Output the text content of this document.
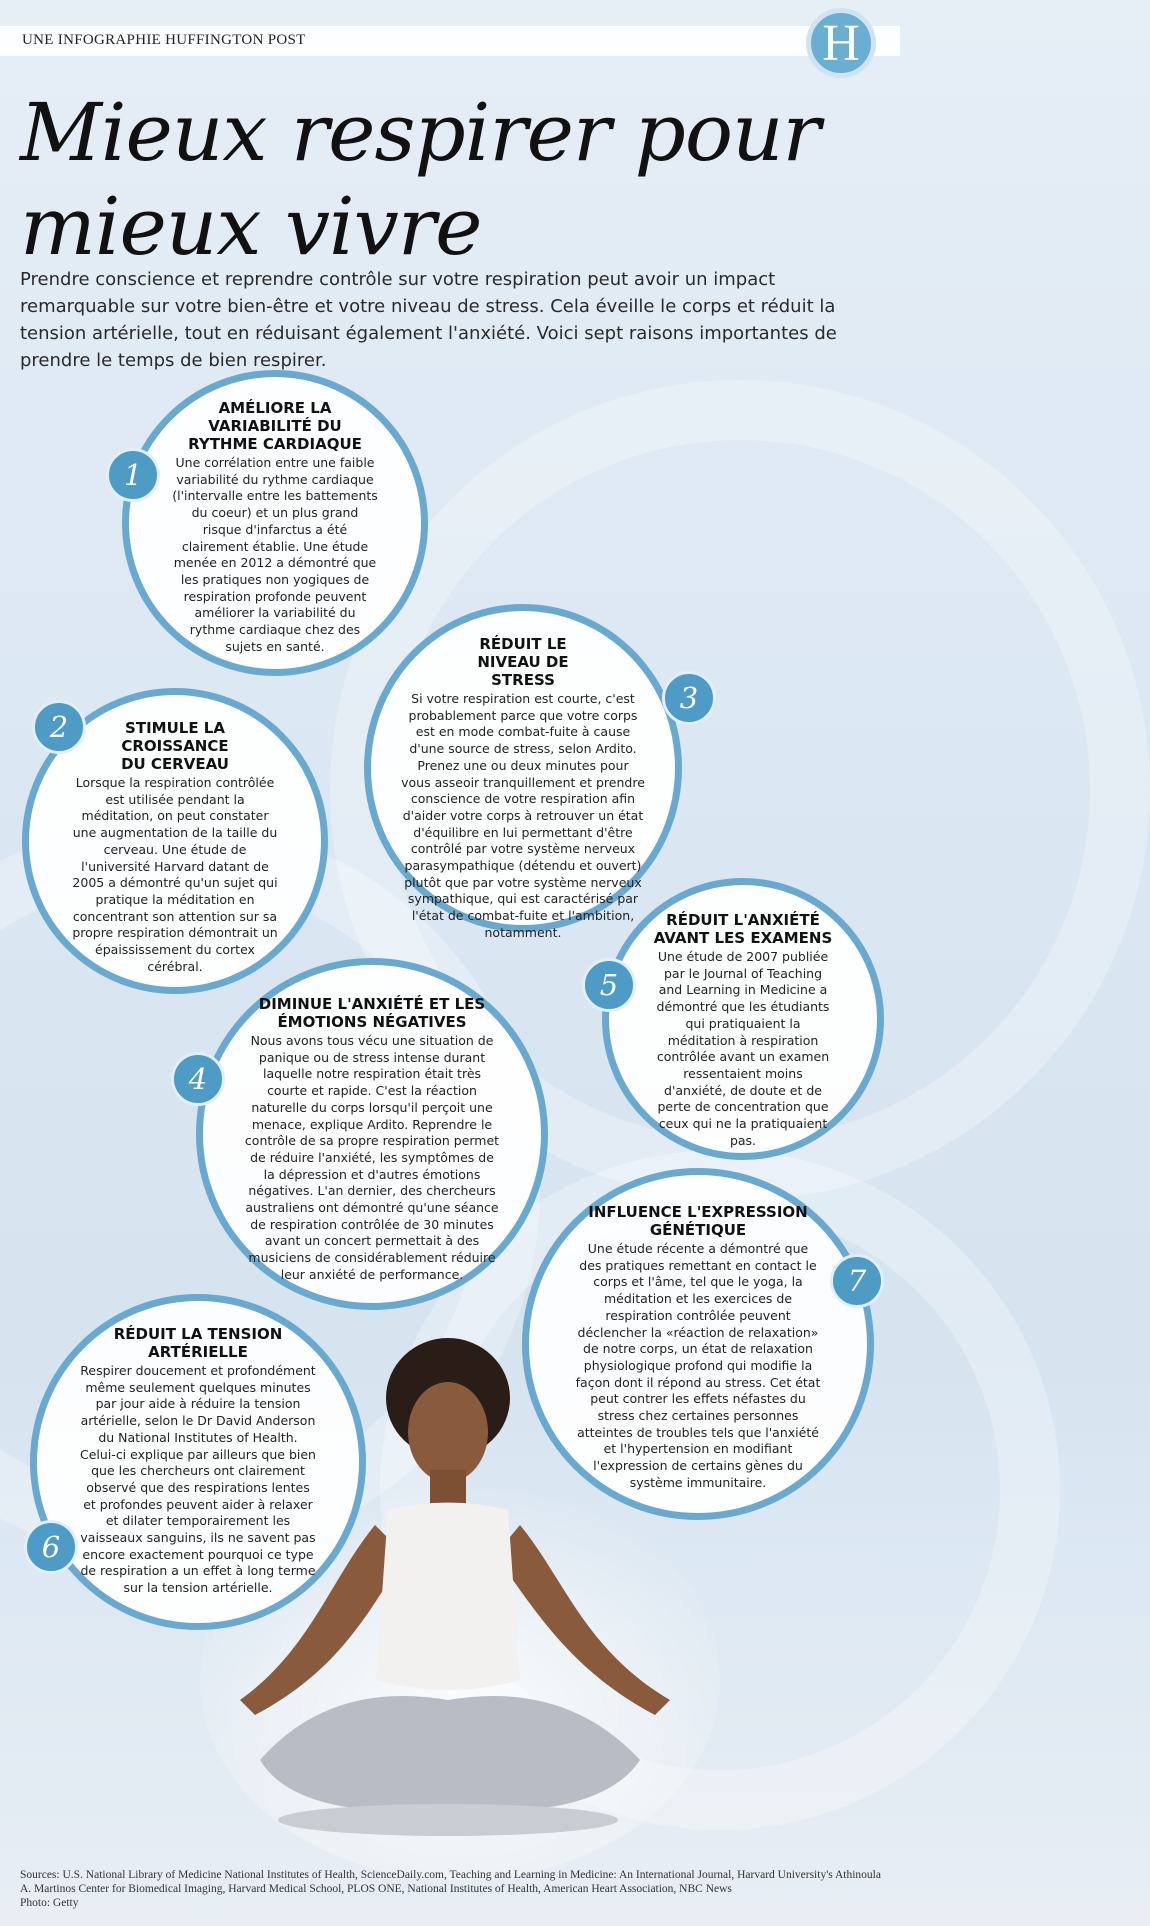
UNE INFOGRAPHIE HUFFINGTON POST	H
Mieux respirer pour mieux vivre

Prendre conscience et reprendre contrôle sur votre respiration peut avoir un impact remarquable sur votre bien-être et votre niveau de stress. Cela éveille le corps et réduit la tension artérielle, tout en réduisant également l'anxiété. Voici sept raisons importantes de prendre le temps de bien respirer.

AMÉLIORE LA VARIABILITÉ DU RYTHME CARDIAQUE

Une corrélation entre une faible variabilité du rythme cardiaque (l'intervalle entre les battements du coeur) et un plus grand risque d'infarctus a été clairement établie. Une étude menée en 2012 a démontré que les pratiques non yogiques de respiration profonde peuvent améliorer la variabilité du rythme cardiaque chez des sujets en santé.

1
RÉDUIT LE NIVEAU DE STRESS

Si votre respiration est courte, c'est probablement parce que votre corps est en mode combat-fuite à cause d'une source de stress, selon Ardito. Prenez une ou deux minutes pour vous asseoir tranquillement et prendre conscience de votre respiration afin d'aider votre corps à retrouver un état d'équilibre en lui permettant d'être contrôlé par votre système nerveux parasympathique (détendu et ouvert) plutôt que par votre système nerveux sympathique, qui est caractérisé par l'état de combat-fuite et l'ambition, notamment.

3
STIMULE LA CROISSANCE DU CERVEAU

Lorsque la respiration contrôlée est utilisée pendant la méditation, on peut constater une augmentation de la taille du cerveau. Une étude de l'université Harvard datant de 2005 a démontré qu'un sujet qui pratique la méditation en concentrant son attention sur sa propre respiration démontrait un épaississement du cortex cérébral.

2
RÉDUIT L'ANXIÉTÉ AVANT LES EXAMENS

Une étude de 2007 publiée par le Journal of Teaching and Learning in Medicine a démontré que les étudiants qui pratiquaient la méditation à respiration contrôlée avant un examen ressentaient moins d'anxiété, de doute et de perte de concentration que ceux qui ne la pratiquaient pas.

5
DIMINUE L'ANXIÉTÉ ET LES ÉMOTIONS NÉGATIVES

Nous avons tous vécu une situation de panique ou de stress intense durant laquelle notre respiration était très courte et rapide. C'est la réaction naturelle du corps lorsqu'il perçoit une menace, explique Ardito. Reprendre le contrôle de sa propre respiration permet de réduire l'anxiété, les symptômes de la dépression et d'autres émotions négatives. L'an dernier, des chercheurs australiens ont démontré qu'une séance de respiration contrôlée de 30 minutes avant un concert permettait à des musiciens de considérablement réduire leur anxiété de performance.

4
INFLUENCE L'EXPRESSION GÉNÉTIQUE

Une étude récente a démontré que des pratiques remettant en contact le corps et l'âme, tel que le yoga, la méditation et les exercices de respiration contrôlée peuvent déclencher la «réaction de relaxation» de notre corps, un état de relaxation physiologique profond qui modifie la façon dont il répond au stress. Cet état peut contrer les effets néfastes du stress chez certaines personnes atteintes de troubles tels que l'anxiété et l'hypertension en modifiant l'expression de certains gènes du système immunitaire.

7
RÉDUIT LA TENSION ARTÉRIELLE

Respirer doucement et profondément même seulement quelques minutes par jour aide à réduire la tension artérielle, selon le Dr David Anderson du National Institutes of Health. Celui-ci explique par ailleurs que bien que les chercheurs ont clairement observé que des respirations lentes et profondes peuvent aider à relaxer et dilater temporairement les vaisseaux sanguins, ils ne savent pas encore exactement pourquoi ce type de respiration a un effet à long terme sur la tension artérielle.

6
Sources: U.S. National Library of Medicine National Institutes of Health, ScienceDaily.com, Teaching and Learning in Medicine: An International Journal, Harvard University's Athinoula A. Martinos Center for Biomedical Imaging, Harvard Medical School, PLOS ONE, National Institutes of Health, American Heart Association, NBC News
Photo: Getty
